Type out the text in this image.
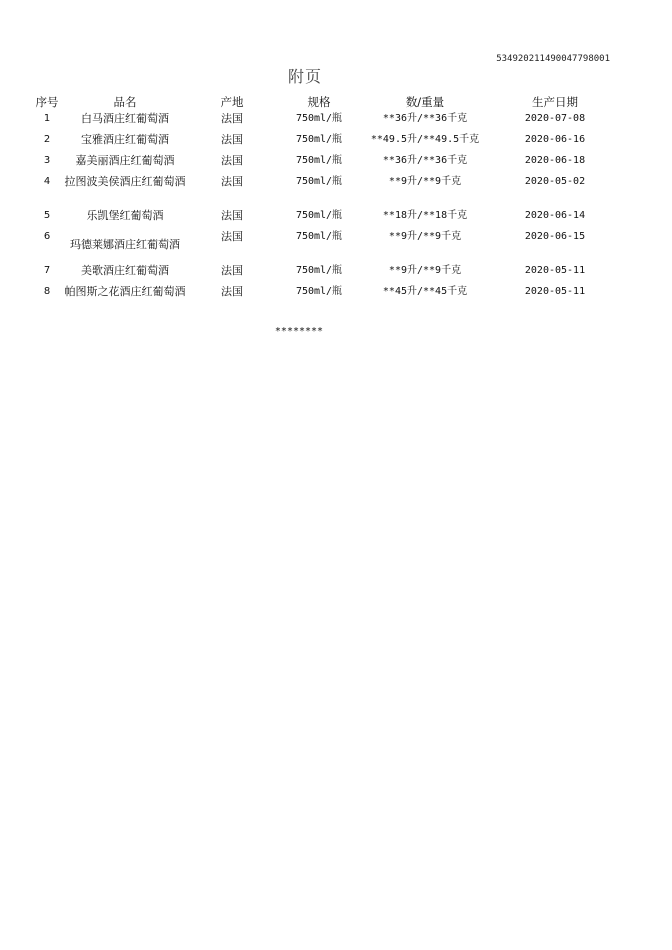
534920211490047798001
附页
序号	品名	产地	规格	数/重量	生产日期
1	白马酒庄红葡萄酒	法国	750ml/瓶	**36升/**36千克	2020-07-08
2	宝雅酒庄红葡萄酒	法国	750ml/瓶	**49.5升/**49.5千克	2020-06-16
3	嘉美丽酒庄红葡萄酒	法国	750ml/瓶	**36升/**36千克	2020-06-18
4	拉图波美侯酒庄红葡萄酒	法国	750ml/瓶	**9升/**9千克	2020-05-02
5	乐凯堡红葡萄酒	法国	750ml/瓶	**18升/**18千克	2020-06-14
6	玛德莱娜酒庄红葡萄酒	法国	750ml/瓶	**9升/**9千克	2020-06-15
7	美歌酒庄红葡萄酒	法国	750ml/瓶	**9升/**9千克	2020-05-11
8	帕图斯之花酒庄红葡萄酒	法国	750ml/瓶	**45升/**45千克	2020-05-11
********
